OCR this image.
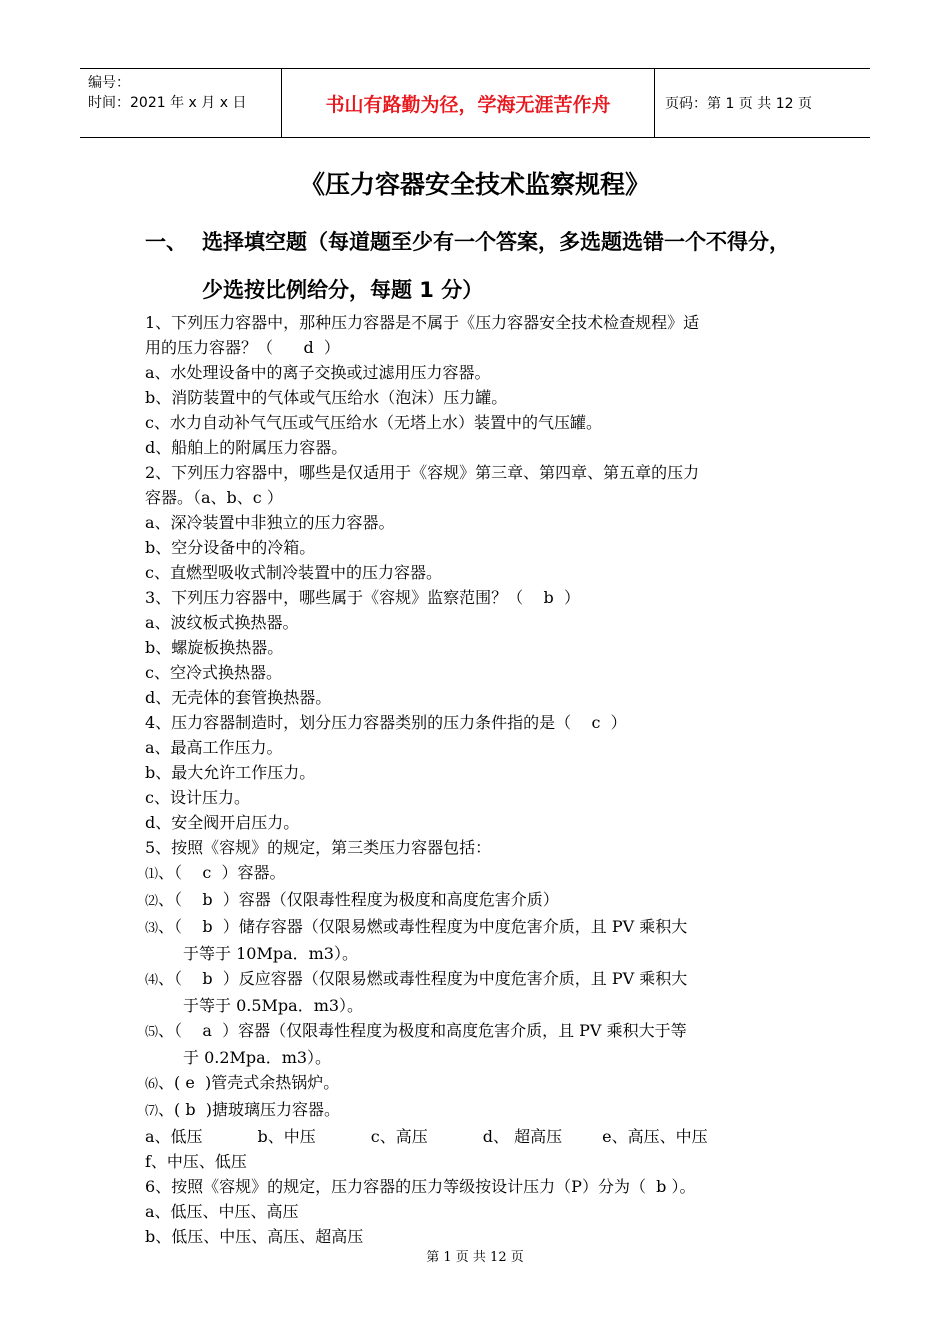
编号：
时间：2021 年 x 月 x 日	书山有路勤为径，学海无涯苦作舟	页码：第 1 页 共 12 页
《压力容器安全技术监察规程》
一、 选择填空题（每道题至少有一个答案，多选题选错一个不得分，少选按比例给分，每题 1 分）
1、下列压力容器中，那种压力容器是不属于《压力容器安全技术检查规程》适
用的压力容器？（      d  ）
a、水处理设备中的离子交换或过滤用压力容器。
b、消防装置中的气体或气压给水（泡沫）压力罐。
c、水力自动补气气压或气压给水（无塔上水）装置中的气压罐。
d、船舶上的附属压力容器。
2、下列压力容器中，哪些是仅适用于《容规》第三章、第四章、第五章的压力
容器。（a、b、c ）
a、深冷装置中非独立的压力容器。
b、空分设备中的冷箱。
c、直燃型吸收式制冷装置中的压力容器。
3、下列压力容器中，哪些属于《容规》监察范围？（    b  ）
a、波纹板式换热器。
b、螺旋板换热器。
c、空冷式换热器。
d、无壳体的套管换热器。
4、压力容器制造时，划分压力容器类别的压力条件指的是（    c  ）
a、最高工作压力。
b、最大允许工作压力。
c、设计压力。
d、安全阀开启压力。
5、按照《容规》的规定，第三类压力容器包括：
⑴、（    c  ）容器。
⑵、（    b  ）容器（仅限毒性程度为极度和高度危害介质）
⑶、（    b  ）储存容器（仅限易燃或毒性程度为中度危害介质，且 PV 乘积大
于等于 10Mpa．m3）。
⑷、（    b  ）反应容器（仅限易燃或毒性程度为中度危害介质，且 PV 乘积大
于等于 0.5Mpa．m3）。
⑸、（    a  ）容器（仅限毒性程度为极度和高度危害介质，且 PV 乘积大于等
于 0.2Mpa．m3）。
⑹、( e  )管壳式余热锅炉。
⑺、( b  )搪玻璃压力容器。
a、低压	b、中压	c、高压	d、 超高压	e、高压、中压
f、中压、低压
6、按照《容规》的规定，压力容器的压力等级按设计压力（P）分为（  b ）。
a、低压、中压、高压
b、低压、中压、高压、超高压
第 1 页 共 12 页
